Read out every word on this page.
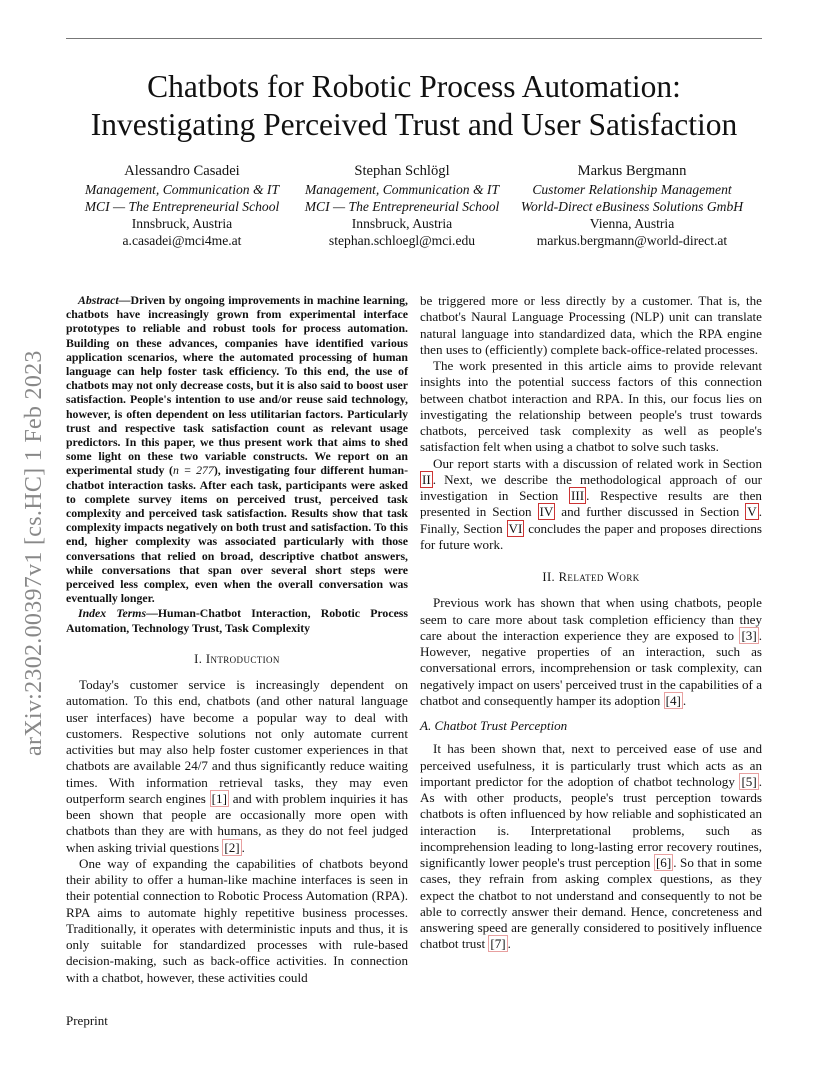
Chatbots for Robotic Process Automation:
Investigating Perceived Trust and User Satisfaction
Alessandro Casadei
Management, Communication & IT
MCI — The Entrepreneurial School
Innsbruck, Austria
a.casadei@mci4me.at
Stephan Schlögl
Management, Communication & IT
MCI — The Entrepreneurial School
Innsbruck, Austria
stephan.schloegl@mci.edu
Markus Bergmann
Customer Relationship Management
World-Direct eBusiness Solutions GmbH
Vienna, Austria
markus.bergmann@world-direct.at
arXiv:2302.00397v1 [cs.HC] 1 Feb 2023

Abstract—Driven by ongoing improvements in machine learning, chatbots have increasingly grown from experimental interface prototypes to reliable and robust tools for process automation. Building on these advances, companies have identified various application scenarios, where the automated processing of human language can help foster task efficiency. To this end, the use of chatbots may not only decrease costs, but it is also said to boost user satisfaction. People's intention to use and/or reuse said technology, however, is often dependent on less utilitarian factors. Particularly trust and respective task satisfaction count as relevant usage predictors. In this paper, we thus present work that aims to shed some light on these two variable constructs. We report on an experimental study (n = 277), investigating four different human-chatbot interaction tasks. After each task, participants were asked to complete survey items on perceived trust, perceived task complexity and perceived task satisfaction. Results show that task complexity impacts negatively on both trust and satisfaction. To this end, higher complexity was associated particularly with those conversations that relied on broad, descriptive chatbot answers, while conversations that span over several short steps were perceived less complex, even when the overall conversation was eventually longer.

Index Terms—Human-Chatbot Interaction, Robotic Process Automation, Technology Trust, Task Complexity

I. Introduction

Today's customer service is increasingly dependent on automation. To this end, chatbots (and other natural language user interfaces) have become a popular way to deal with customers. Respective solutions not only automate current activities but may also help foster customer experiences in that chatbots are available 24/7 and thus significantly reduce waiting times. With information retrieval tasks, they may even outperform search engines [1] and with problem inquiries it has been shown that people are occasionally more open with chatbots than they are with humans, as they do not feel judged when asking trivial questions [2] .

One way of expanding the capabilities of chatbots beyond their ability to offer a human-like machine interfaces is seen in their potential connection to Robotic Process Automation (RPA). RPA aims to automate highly repetitive business processes. Traditionally, it operates with deterministic inputs and thus, it is only suitable for standardized processes with rule-based decision-making, such as back-office activities. In connection with a chatbot, however, these activities could

be triggered more or less directly by a customer. That is, the chatbot's Naural Language Processing (NLP) unit can translate natural language into standardized data, which the RPA engine then uses to (efficiently) complete back-office-related processes.

The work presented in this article aims to provide relevant insights into the potential success factors of this connection between chatbot interaction and RPA. In this, our focus lies on investigating the relationship between people's trust towards chatbots, perceived task complexity as well as people's satisfaction felt when using a chatbot to solve such tasks.

Our report starts with a discussion of related work in Section II . Next, we describe the methodological approach of our investigation in Section III . Respective results are then presented in Section IV and further discussed in Section V . Finally, Section VI concludes the paper and proposes directions for future work.

II. Related Work

Previous work has shown that when using chatbots, people seem to care more about task completion efficiency than they care about the interaction experience they are exposed to [3] . However, negative properties of an interaction, such as conversational errors, incomprehension or task complexity, can negatively impact on users' perceived trust in the capabilities of a chatbot and consequently hamper its adoption [4] .

A. Chatbot Trust Perception

It has been shown that, next to perceived ease of use and perceived usefulness, it is particularly trust which acts as an important predictor for the adoption of chatbot technology [5] . As with other products, people's trust perception towards chatbots is often influenced by how reliable and sophisticated an interaction is. Interpretational problems, such as incomprehension leading to long-lasting error recovery routines, significantly lower people's trust perception [6] . So that in some cases, they refrain from asking complex questions, as they expect the chatbot to not understand and consequently to not be able to correctly answer their demand. Hence, concreteness and answering speed are generally considered to positively influence chatbot trust [7] .

Preprint
